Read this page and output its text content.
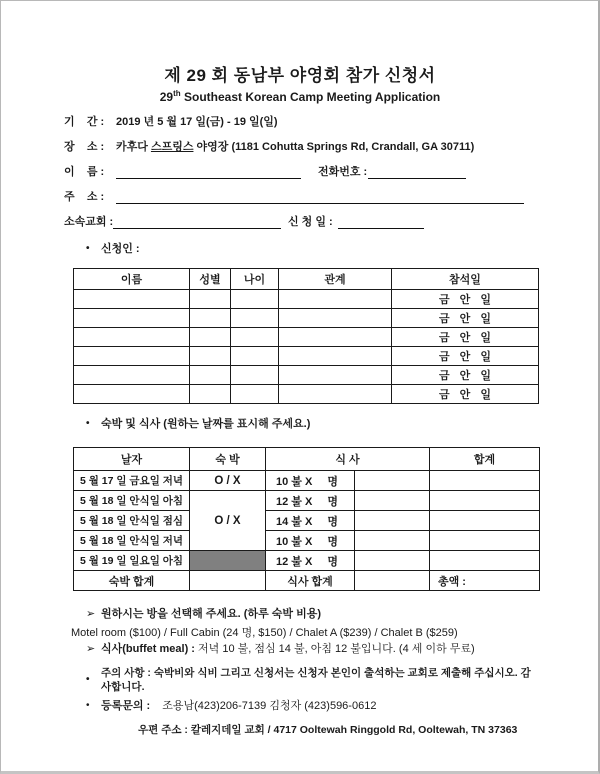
제 29 회 동남부 야영회 참가 신청서
29th Southeast Korean Camp Meeting Application
기    간 :	2019 년 5 월 17 일(금) - 19 일(일)
장    소 :	카후다 스프링스 야영장 (1181 Cohutta Springs Rd, Crandall, GA 30711)
이    름 :	전화번호 :
주    소 :
소속교회 :	신 청 일 :
•	신청인 :
이름	성별	나이	관계	참석일
				금 안 일
				금 안 일
				금 안 일
				금 안 일
				금 안 일
				금 안 일
•	숙박 및 식사 (원하는 날짜를 표시해 주세요.)
날자	숙 박	식 사		합계
5 월 17 일 금요일 저녁	O / X	10 불 X 명		

5 월 18 일 안식일 아침	O / X	12 불 X 명		

5 월 18 일 안식일 점심		14 불 X 명		

5 월 18 일 안식일 저녁		10 불 X 명		

5 월 19 일 일요일 아침		12 불 X 명		

숙박 합계		식사 합계		총액 :
➢ 원하시는 방을 선택해 주세요. (하루 숙박 비용)
Motel room ($100) / Full Cabin (24 명, $150) / Chalet A ($239) / Chalet B ($259)
➢ 식사(buffet meal) : 저녁 10 불, 점심 14 불, 아침 12 불입니다. (4 세 이하 무료)
•
주의 사항 : 숙박비와 식비 그리고 신청서는 신청자 본인이 출석하는 교회로 제출해 주십시오. 감사합니다.
•	등록문의 : 조용남(423)206-7139 김청자 (423)596-0612
우편 주소 : 칼레지데일 교회 / 4717 Ooltewah Ringgold Rd, Ooltewah, TN 37363
